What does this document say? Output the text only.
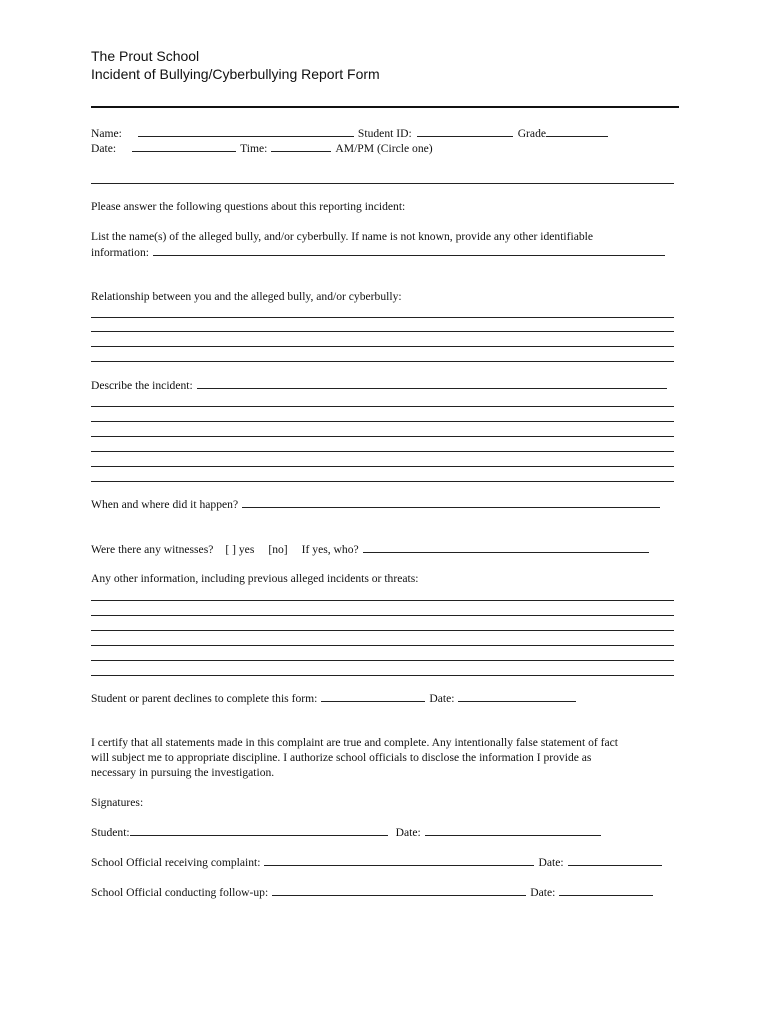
The Prout School
Incident of Bullying/Cyberbullying Report Form
Name:	Student ID:	Grade
Date:	Time:	AM/PM (Circle one)
Please answer the following questions about this reporting incident:
List the name(s) of the alleged bully, and/or cyberbully. If name is not known, provide any other identifiable
information:
Relationship between you and the alleged bully, and/or cyberbully:
Describe the incident:
When and where did it happen?
Were there any witnesses? [ ] yes [no] If yes, who?
Any other information, including previous alleged incidents or threats:
Student or parent declines to complete this form:	Date:
I certify that all statements made in this complaint are true and complete. Any intentionally false statement of fact
will subject me to appropriate discipline. I authorize school officials to disclose the information I provide as
necessary in pursuing the investigation.
Signatures:
Student:	Date:
School Official receiving complaint:	Date:
School Official conducting follow-up:	Date:
